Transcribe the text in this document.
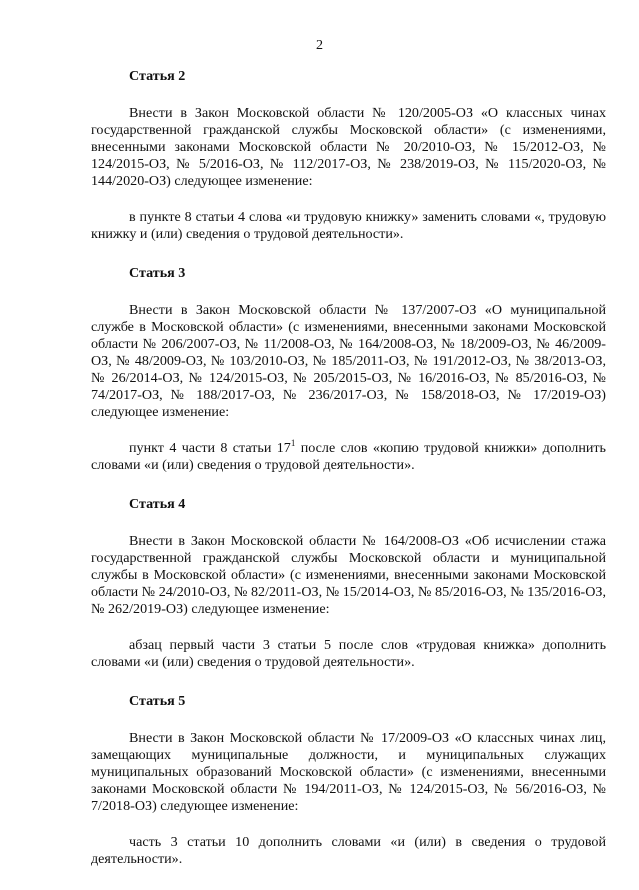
2
Статья 2

Внести в Закон Московской области № 120/2005-ОЗ «О классных чинах государственной гражданской службы Московской области» (с изменениями, внесенными законами Московской области № 20/2010-ОЗ, № 15/2012-ОЗ, № 124/2015-ОЗ, № 5/2016-ОЗ, № 112/2017-ОЗ, № 238/2019-ОЗ, № 115/2020-ОЗ, № 144/2020-ОЗ) следующее изменение:

в пункте 8 статьи 4 слова «и трудовую книжку» заменить словами «, трудовую книжку и (или) сведения о трудовой деятельности».

Статья 3

Внести в Закон Московской области № 137/2007-ОЗ «О муниципальной службе в Московской области» (с изменениями, внесенными законами Московской области № 206/2007-ОЗ, № 11/2008-ОЗ, № 164/2008-ОЗ, № 18/2009-ОЗ, № 46/2009-ОЗ, № 48/2009-ОЗ, № 103/2010-ОЗ, № 185/2011-ОЗ, № 191/2012-ОЗ, № 38/2013-ОЗ, № 26/2014-ОЗ, № 124/2015-ОЗ, № 205/2015-ОЗ, № 16/2016-ОЗ, № 85/2016-ОЗ, № 74/2017-ОЗ, № 188/2017-ОЗ, № 236/2017-ОЗ, № 158/2018-ОЗ, № 17/2019-ОЗ) следующее изменение:

пункт 4 части 8 статьи $17^1$ после слов «копию трудовой книжки» дополнить словами «и (или) сведения о трудовой деятельности».

Статья 4

Внести в Закон Московской области № 164/2008-ОЗ «Об исчислении стажа государственной гражданской службы Московской области и муниципальной службы в Московской области» (с изменениями, внесенными законами Московской области № 24/2010-ОЗ, № 82/2011-ОЗ, № 15/2014-ОЗ, № 85/2016-ОЗ, № 135/2016-ОЗ, № 262/2019-ОЗ) следующее изменение:

абзац первый части 3 статьи 5 после слов «трудовая книжка» дополнить словами «и (или) сведения о трудовой деятельности».

Статья 5

Внести в Закон Московской области № 17/2009-ОЗ «О классных чинах лиц, замещающих муниципальные должности, и муниципальных служащих муниципальных образований Московской области» (с изменениями, внесенными законами Московской области № 194/2011-ОЗ, № 124/2015-ОЗ, № 56/2016-ОЗ, № 7/2018-ОЗ) следующее изменение:

часть 3 статьи 10 дополнить словами «и (или) в сведения о трудовой деятельности».
